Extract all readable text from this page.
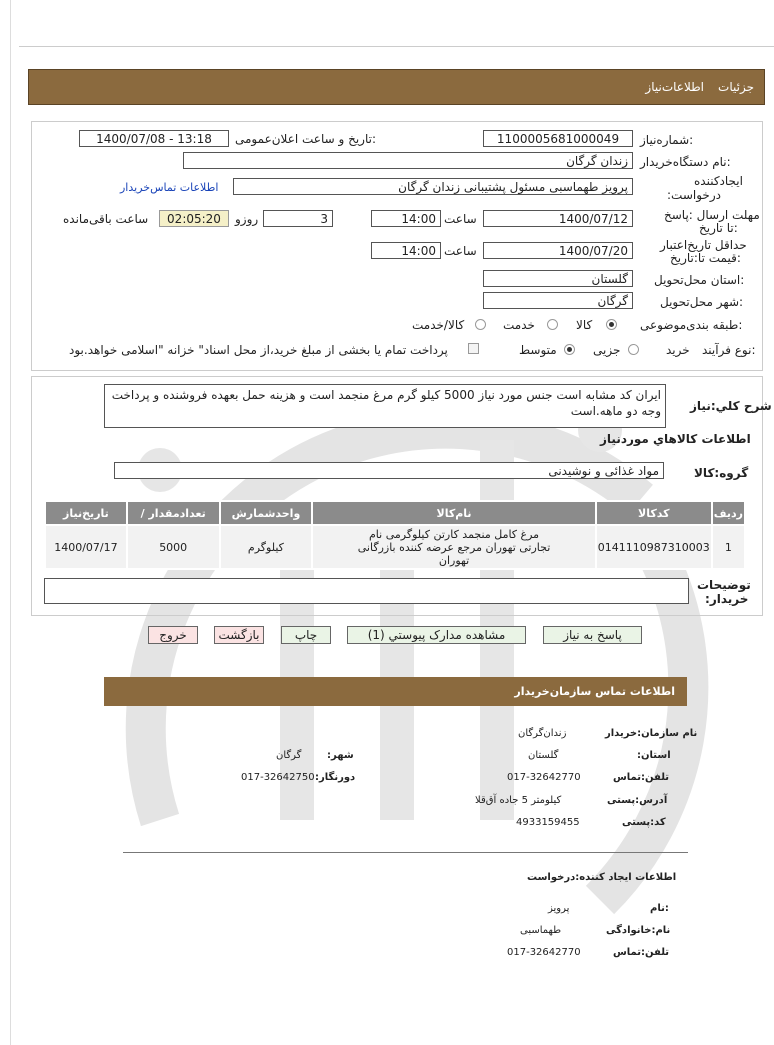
جزئیات
اطلاعات‌نیاز
شماره‌نیاز:
1100005681000049
تاریخ و ساعت اعلان‌عمومی:
1400/07/08 - 13:18
نام دستگاه‌خریدار:
زندان گرگان
ایجادکننده
:درخواست
پرویز طهماسبی مسئول پشتیبانی زندان گرگان
اطلاعات تماس‌خریدار
مهلت ارسال :پاسخ
تا تاریخ:
1400/07/12
ساعت
14:00
3
روزو
02:05:20
ساعت باقی‌مانده
حداقل تاریخ‌اعتبار
قیمت تا:تاریخ:
1400/07/20
ساعت
14:00
استان محل‌تحویل:
گلستان
شهر محل‌تحویل:
گرگان
طبقه بندی‌موضوعی:
کالا
خدمت
کالا/خدمت
نوع فرآیند:
خرید
جزیی
متوسط
پرداخت تمام یا بخشی از مبلغ خرید،از محل اسناد" خزانه "اسلامی خواهد.بود
شرح کلي:نیاز
ایران کد مشابه است جنس مورد نیاز 5000 کیلو گرم مرغ منجمد است و هزینه حمل بعهده فروشنده و پرداخت وجه دو ماهه.است
اطلاعات کالاهاي موردنیاز
گروه:کالا
مواد غذائی و نوشیدنی
تاریخ‌نیاز	/ تعدادمقدار	واحدشمارش	نام‌کالا	کدکالا	ردیف
1400/07/17	5000	کیلوگرم	مرغ کامل منجمد کارتن کیلوگرمی نام تجارتی تهوران مرجع عرضه کننده بازرگانی تهوران	0141110987310003	1
توضیحات
:خریدار
پاسخ به نیاز
مشاهده مدارک پیوستي (1)
چاپ
بازگشت
خروج
اطلاعات تماس سازمان‌خریدار
نام سازمان:خریدار
زندان‌گرگان
:استان
گلستان
:شهر
گرگان
تلفن:تماس
017-32642770
:دورنگار
017-32642750
آدرس:پستی
کیلومتر 5 جاده آق‌قلا
کد:پستی
4933159455
اطلاعات ایجاد کننده:درخواست
نام:
پرویز
نام:خانوادگی
طهماسبی
تلفن:تماس
017-32642770
